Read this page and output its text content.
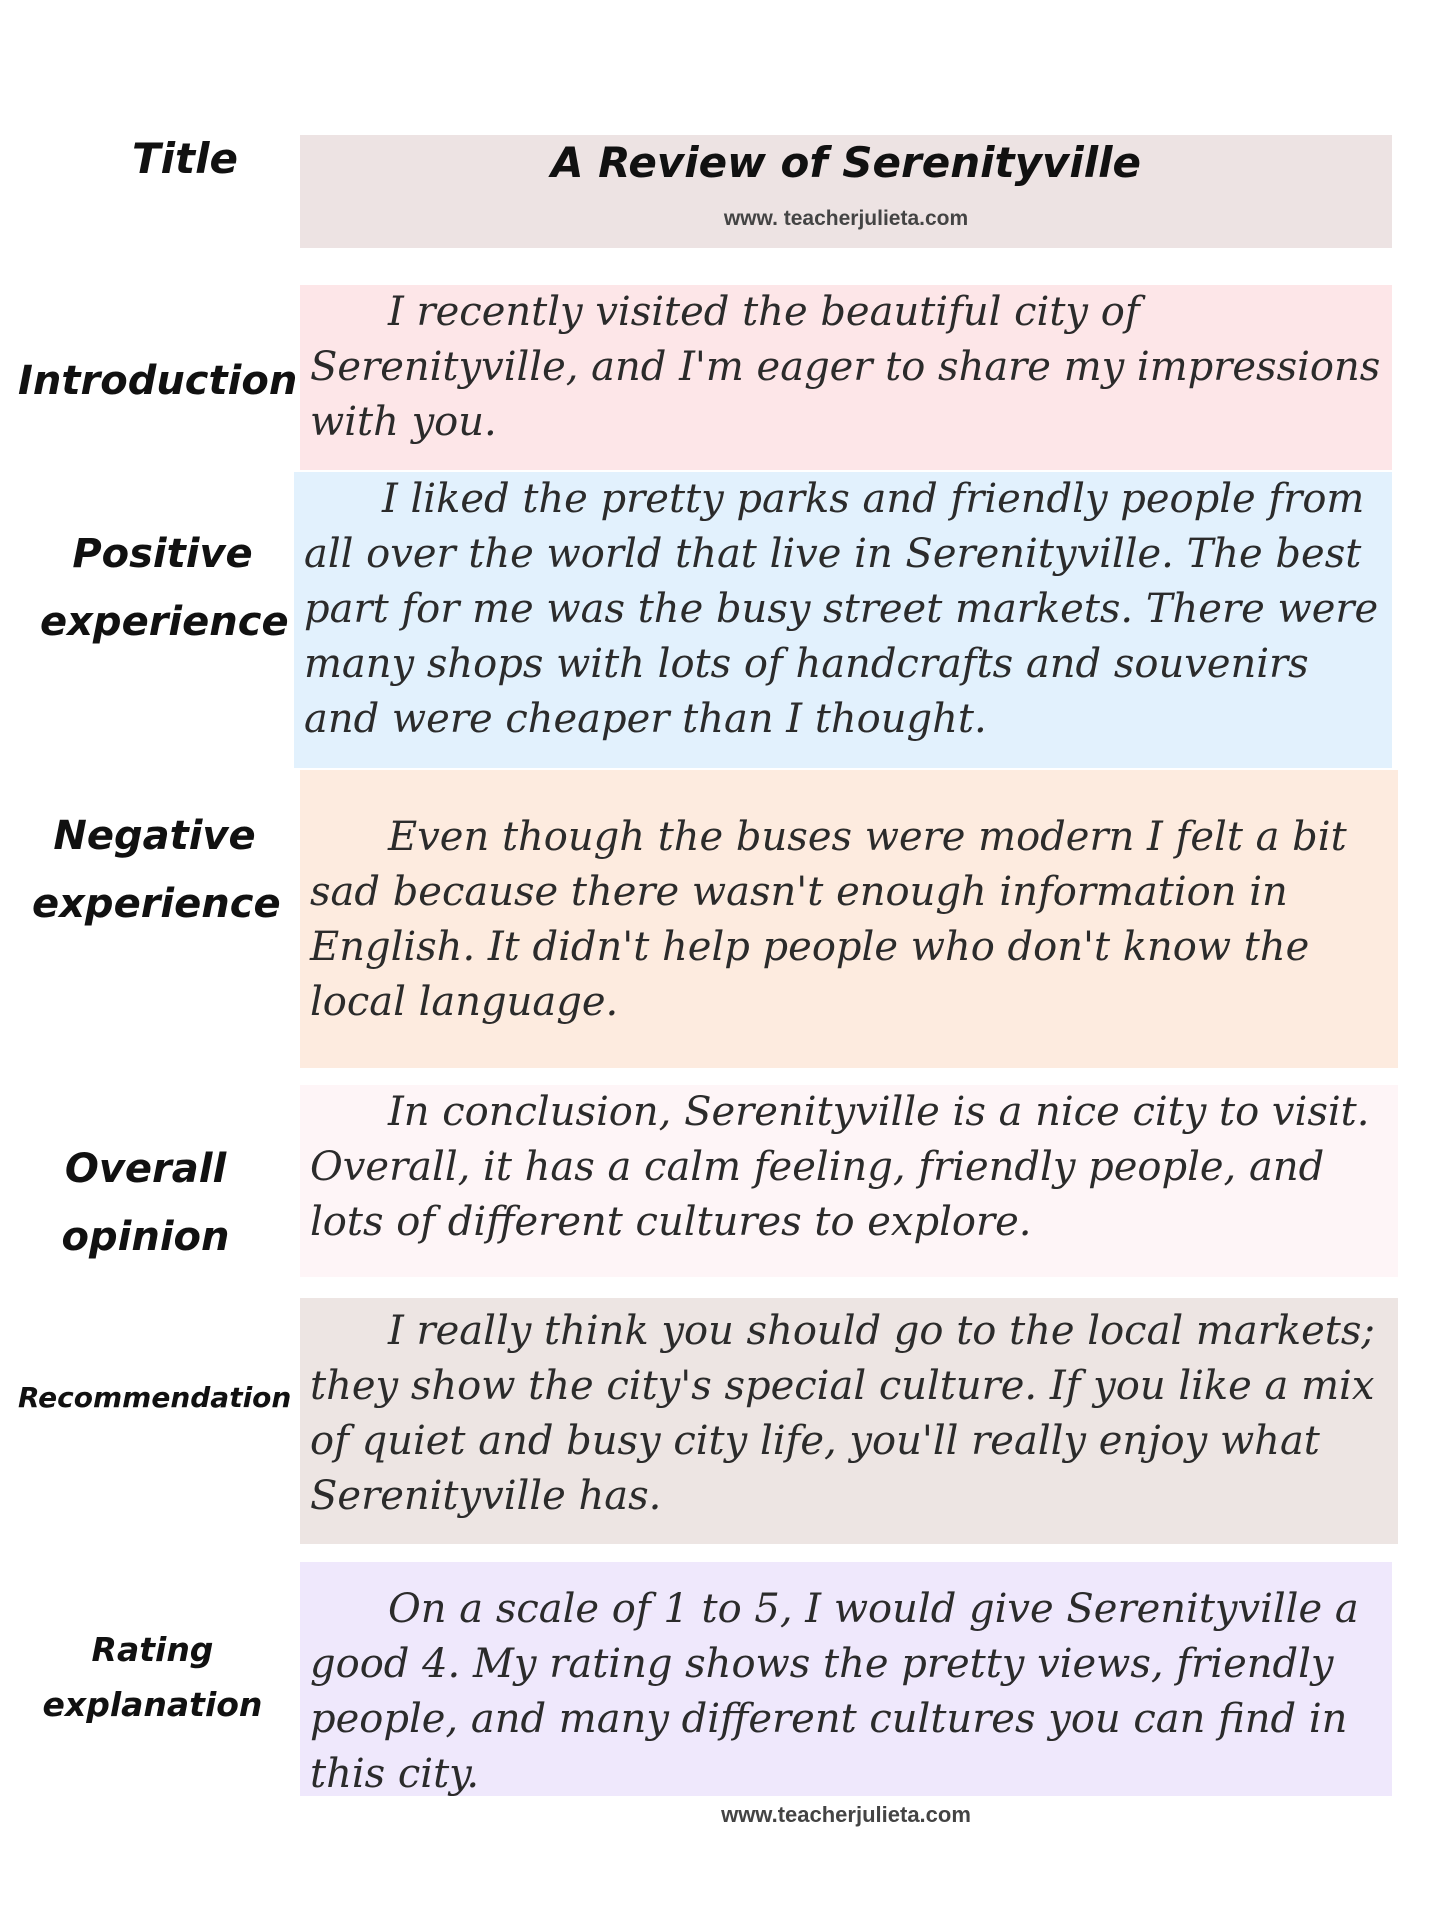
Title	A Review of Serenityville
www. teacherjulieta.com
Introduction

I recently visited the beautiful city of Serenityville, and I'm eager to share my impressions with you.

Positive
experience

I liked the pretty parks and friendly people from all over the world that live in Serenityville. The best part for me was the busy street markets. There were many shops with lots of handcrafts and souvenirs and were cheaper than I thought.

Negative
experience

Even though the buses were modern I felt a bit sad because there wasn't enough information in English. It didn't help people who don't know the local language.

Overall
opinion

In conclusion, Serenityville is a nice city to visit. Overall, it has a calm feeling, friendly people, and lots of different cultures to explore.

Recommendation

I really think you should go to the local markets; they show the city's special culture. If you like a mix of quiet and busy city life, you'll really enjoy what Serenityville has.

Rating
explanation

On a scale of 1 to 5, I would give Serenityville a good 4. My rating shows the pretty views, friendly people, and many different cultures you can find in this city.

www.teacherjulieta.com
